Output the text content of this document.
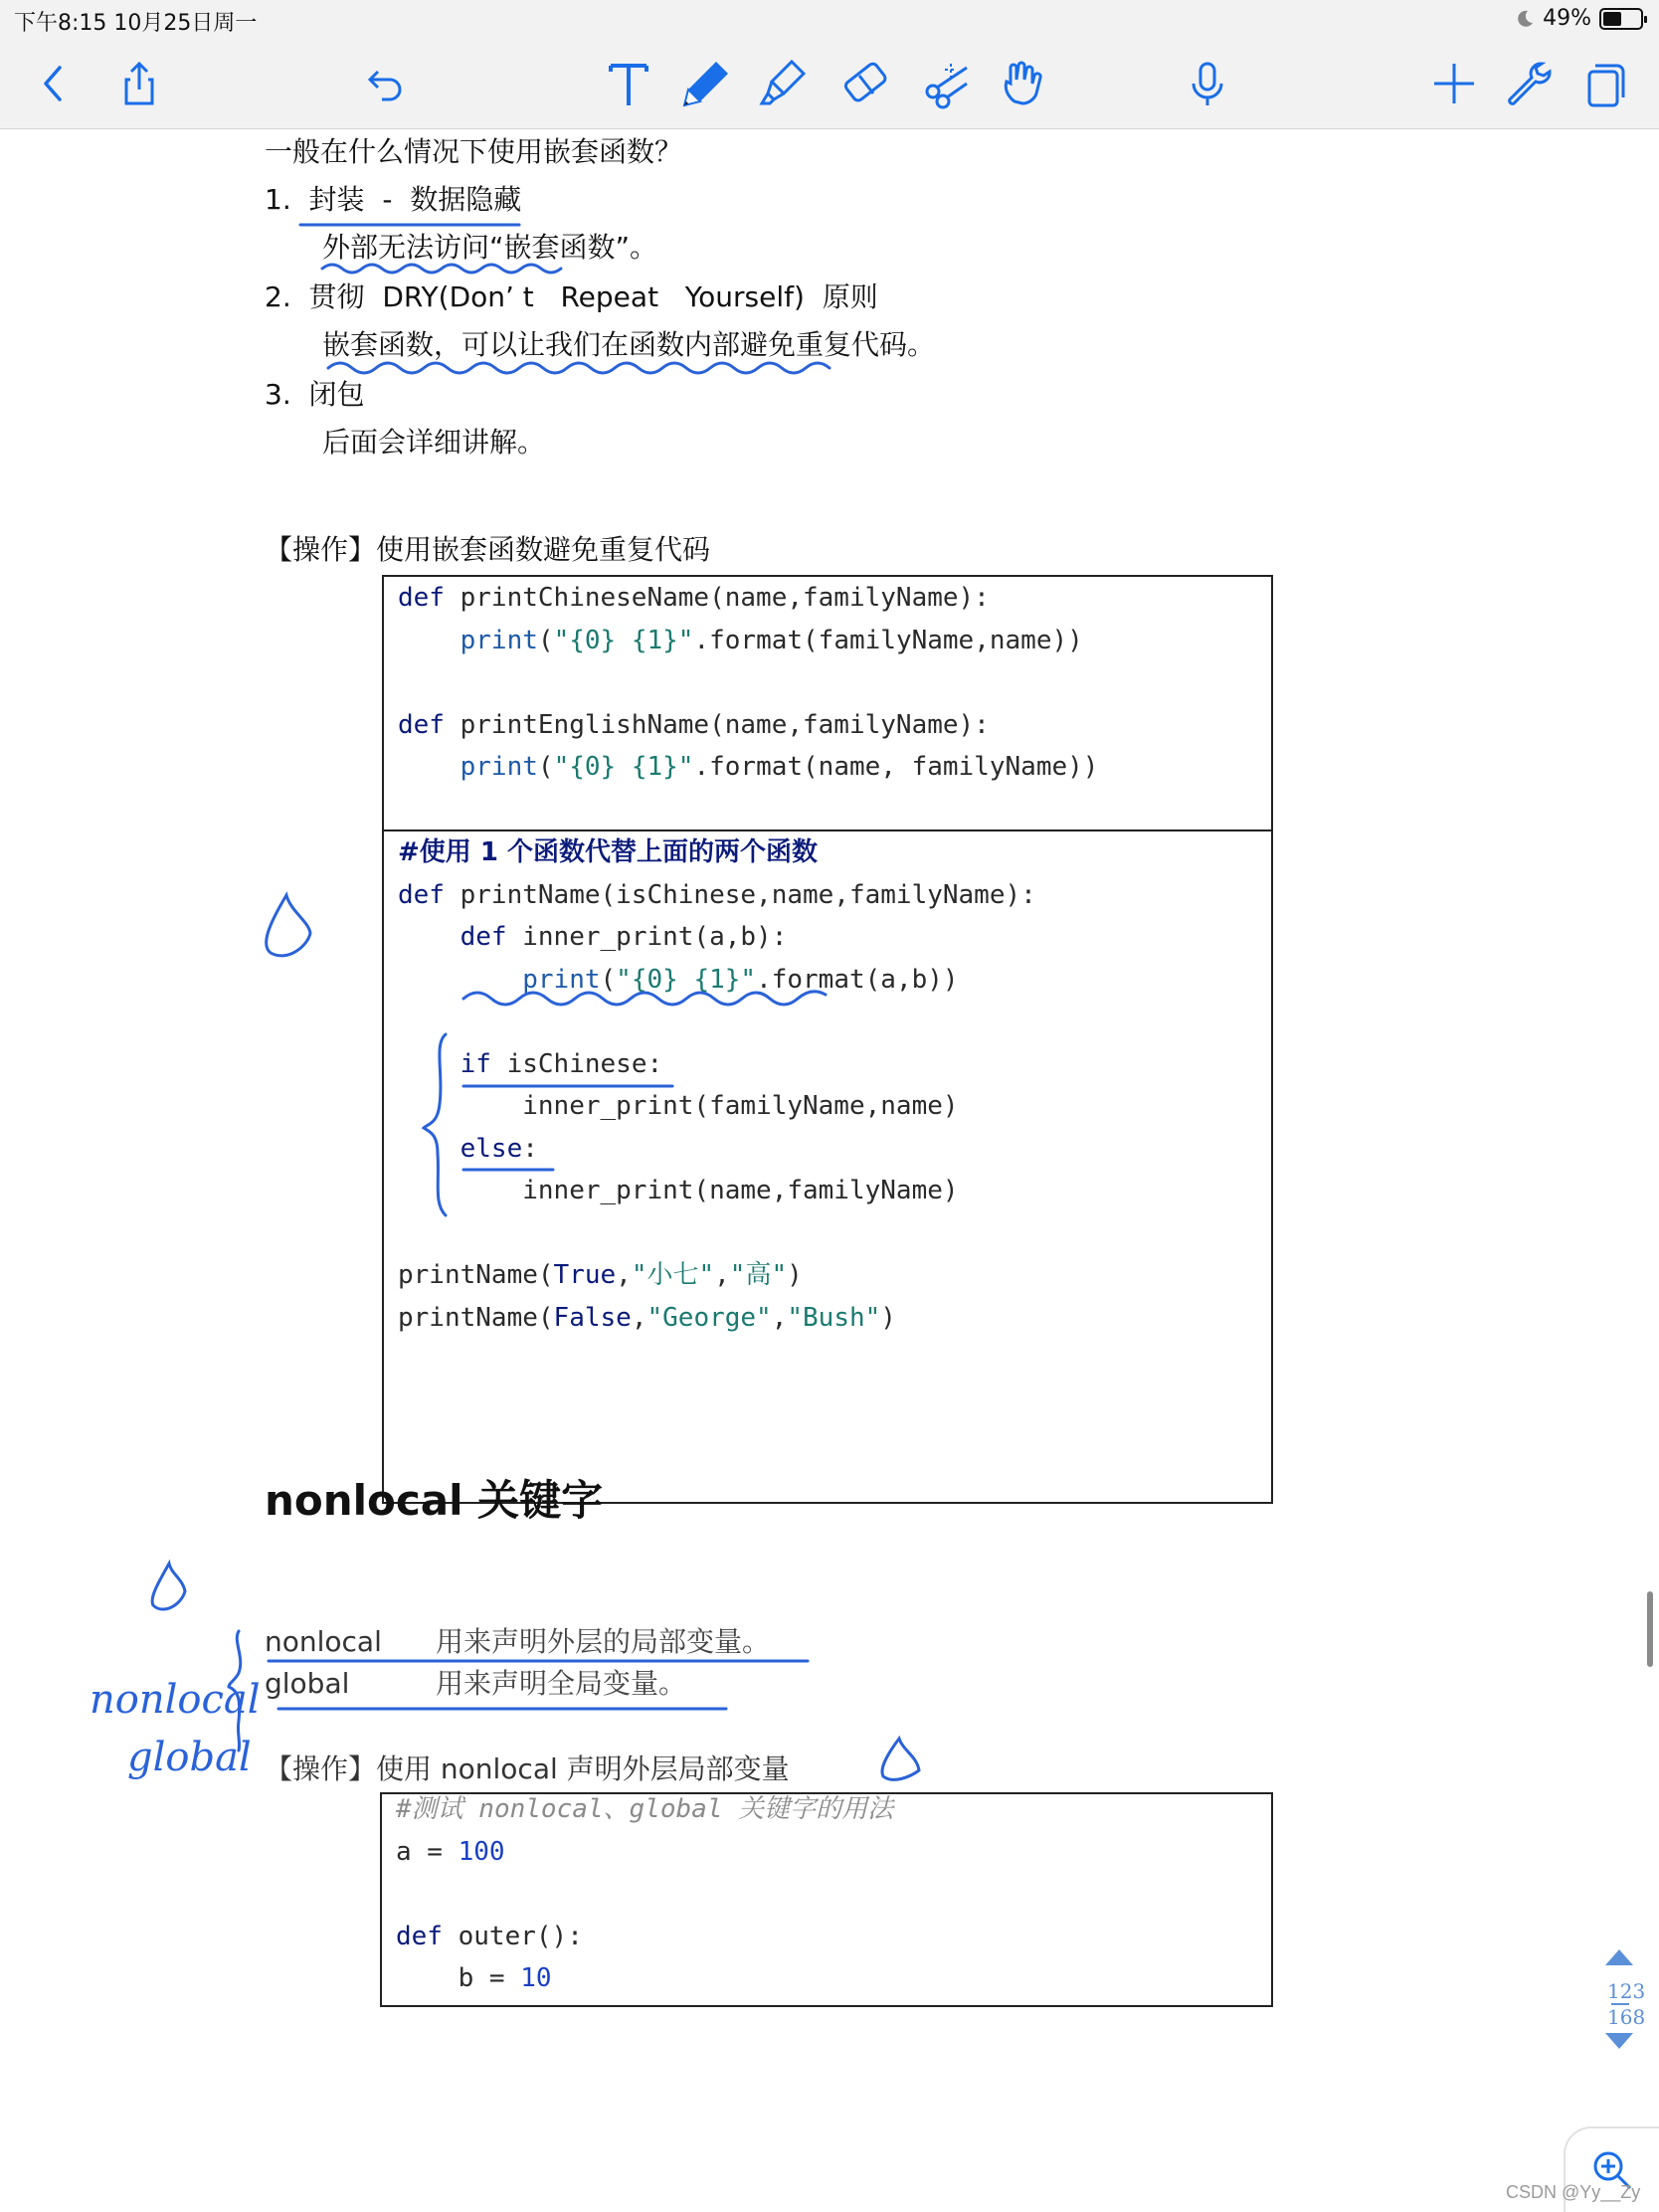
下午8:15 10月25日周一	49%
一般在什么情况下使用嵌套函数？
1.  封装  -  数据隐藏
外部无法访问“嵌套函数”。
2.  贯彻  DRY(Don’ t   Repeat   Yourself)  原则
嵌套函数，可以让我们在函数内部避免重复代码。
3.  闭包
后面会详细讲解。
【操作】使用嵌套函数避免重复代码
def printChineseName(name,familyName):
print("{0} {1}".format(familyName,name))

def printEnglishName(name,familyName):
print("{0} {1}".format(name, familyName))
#使用 1 个函数代替上面的两个函数
def printName(isChinese,name,familyName):
def inner_print(a,b):
print("{0} {1}".format(a,b))

if isChinese:
inner_print(familyName,name)
else:
inner_print(name,familyName)

printName(True,"小七","高")
printName(False,"George","Bush")
nonlocal 关键字
nonlocal 用来声明外层的局部变量。
global	用来声明全局变量。
【操作】使用 nonlocal 声明外层局部变量
#测试 nonlocal、global 关键字的用法
a = 100

def outer():
b = 10
nonlocal
global
123
168
CSDN @Yy__Zy
